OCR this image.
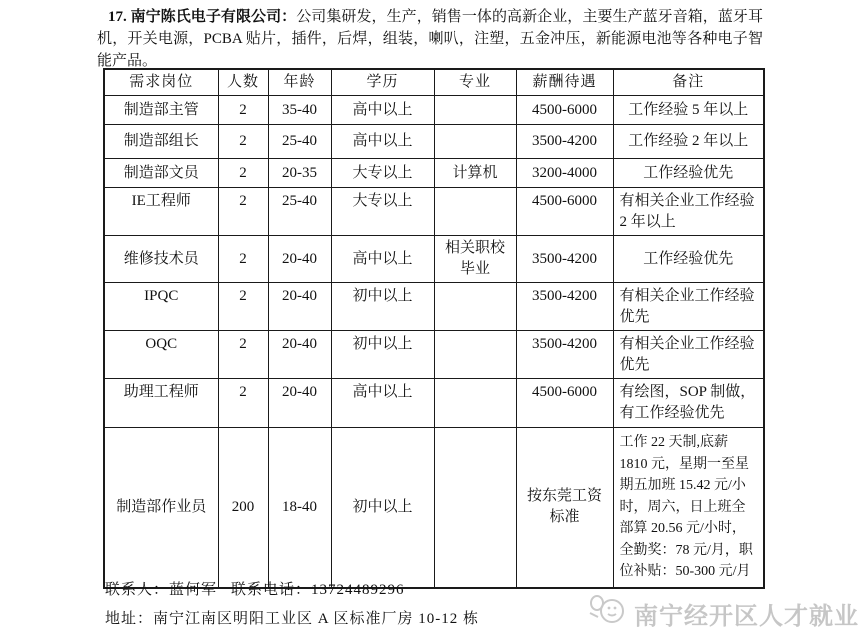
17. 南宁陈氏电子有限公司：公司集研发，生产，销售一体的高新企业，主要生产蓝牙音箱，蓝牙耳机，开关电源，PCBA 贴片，插件，后焊，组装，喇叭，注塑，五金冲压，新能源电池等各种电子智能产品。

需求岗位	人数	年龄	学历	专业	薪酬待遇	备注
制造部主管	2	35-40	高中以上		4500-6000	工作经验 5 年以上
制造部组长	2	25-40	高中以上		3500-4200	工作经验 2 年以上
制造部文员	2	20-35	大专以上	计算机	3200-4000	工作经验优先
IE工程师	2	25-40	大专以上		4500-6000	有相关企业工作经验 2 年以上
维修技术员	2	20-40	高中以上	相关职校毕业	3500-4200	工作经验优先
IPQC	2	20-40	初中以上		3500-4200	有相关企业工作经验优先
OQC	2	20-40	初中以上		3500-4200	有相关企业工作经验优先
助理工程师	2	20-40	高中以上		4500-6000	有绘图，SOP 制做，有工作经验优先
制造部作业员	200	18-40	初中以上		按东莞工资标准	工作 22 天制,底薪 1810 元，星期一至星期五加班 15.42 元/小时，周六，日上班全部算 20.56 元/小时，全勤奖：78 元/月，职位补贴：50-300 元/月
联系人：蓝何军 联系电话：13724489296
地址：南宁江南区明阳工业区 A 区标准厂房 10-12 栋	南宁经开区人才就业
